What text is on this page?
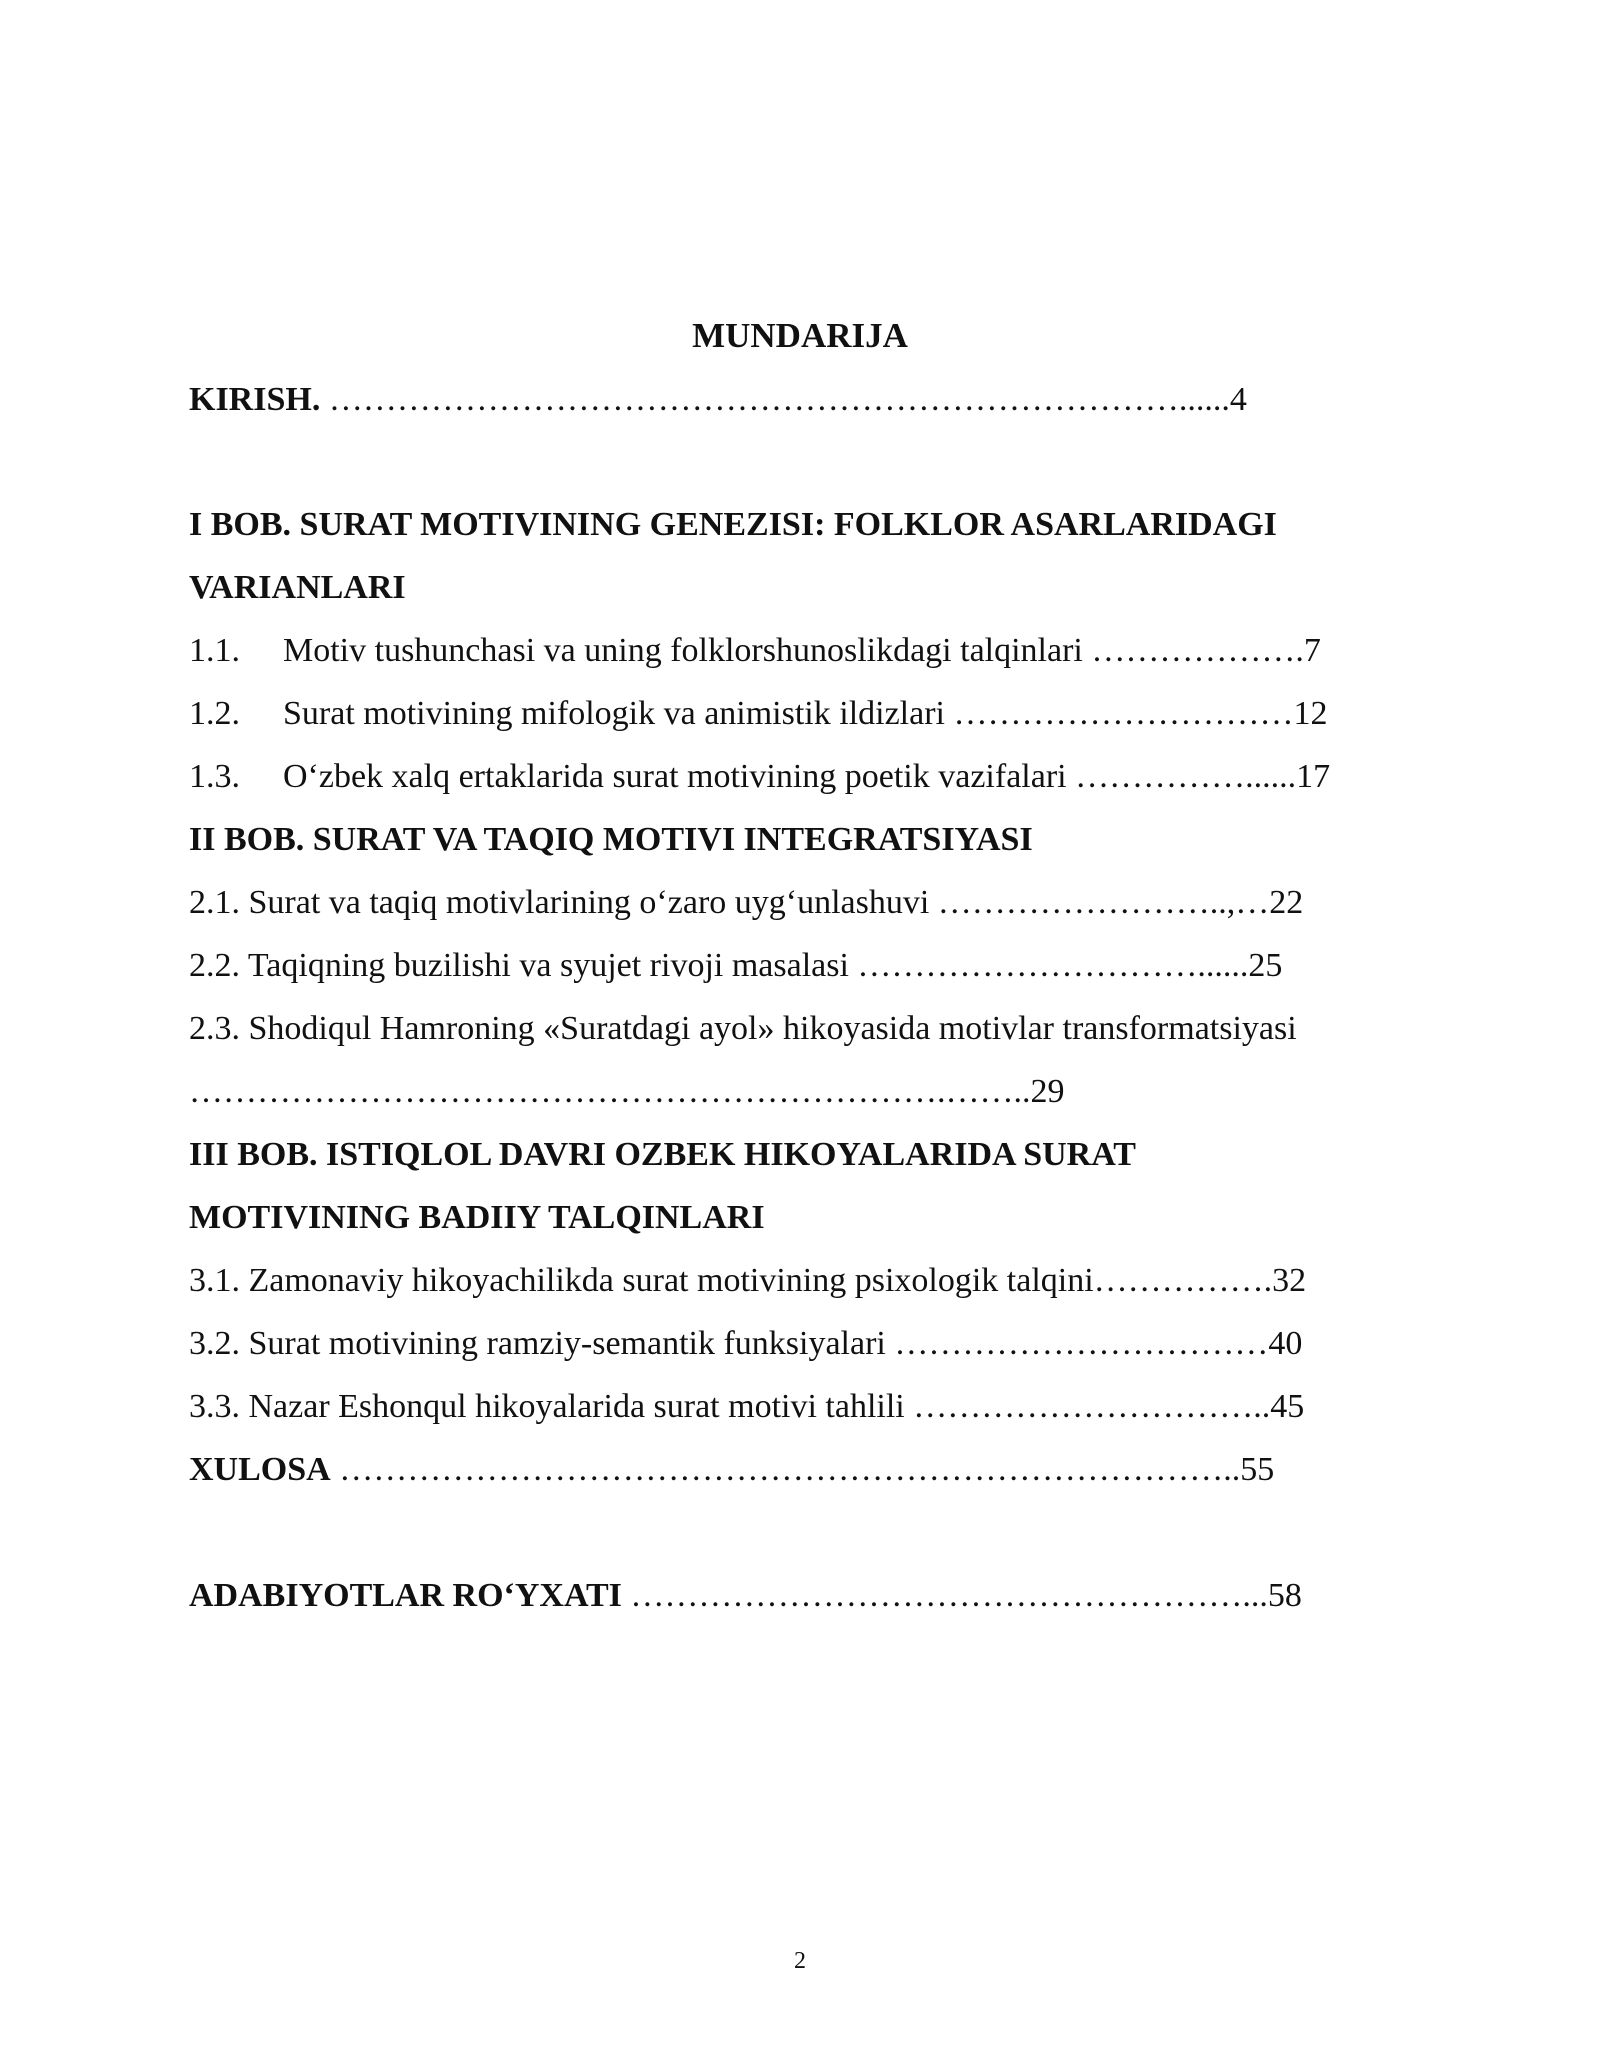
MUNDARIJA
KIRISH. …………………………………………………………………......4
I BOB. SURAT MOTIVINING GENEZISI: FOLKLOR ASARLARIDAGI
VARIANLARI
1.1. Motiv tushunchasi va uning folklorshunoslikdagi talqinlari ……………….7
1.2. Surat motivining mifologik va animistik ildizlari …………………………12
1.3. O‘zbek xalq ertaklarida surat motivining poetik vazifalari ……………......17
II BOB. SURAT VA TAQIQ MOTIVI INTEGRATSIYASI
2.1. Surat va taqiq motivlarining o‘zaro uyg‘unlashuvi ……………………..,…22
2.2. Taqiqning buzilishi va syujet rivoji masalasi …………………………......25
2.3. Shodiqul Hamroning «Suratdagi ayol» hikoyasida motivlar transformatsiyasi
………………………………………………………….……..29
III BOB. ISTIQLOL DAVRI OZBEK HIKOYALARIDA SURAT
MOTIVINING BADIIY TALQINLARI
3.1. Zamonaviy hikoyachilikda surat motivining psixologik talqini…………….32
3.2. Surat motivining ramziy-semantik funksiyalari ……………………………40
3.3. Nazar Eshonqul hikoyalarida surat motivi tahlili …………………………..45
XULOSA ……………………………………………………………………..55
ADABIYOTLAR RO‘YXATI ………………………………………………...58
2
